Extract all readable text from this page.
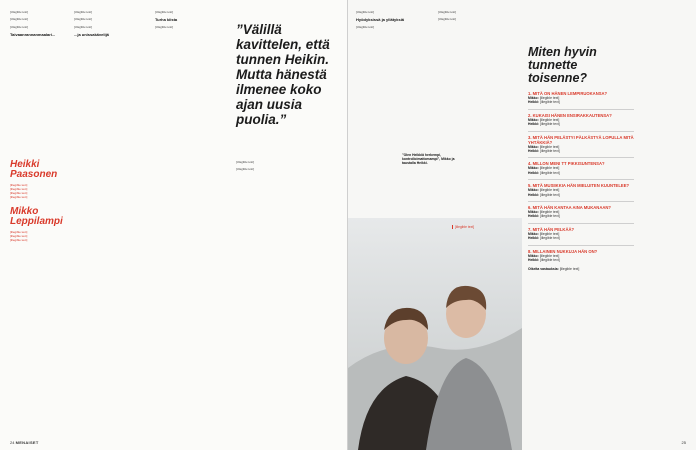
[illegible text]

[illegible text]

[illegible text]

Taivaanrannanmaalari...
Heikki
Paasonen
[illegible text]
[illegible text]
[illegible text]
[illegible text]
Mikko
Leppilampi
[illegible text]
[illegible text]
[illegible text]

[illegible text]

[illegible text]

[illegible text]

...ja unissakävelijä

[illegible text]

Turha kiista

[illegible text]	”Välillä kavittelen, että tunnen Heikin. Mutta hänestä ilmenee koko ajan uusia puolia.”

[illegible text]

[illegible text]

24 MENAISET

[illegible text]

Hyödyksissä ja yllätyksiä

[illegible text]

[illegible text]

[illegible text]

25
"Olen Heikkiä herkempi, kontrolloimattomampi", Mikko ja taustalla Heikki.
[illegible text]
Miten hyvin tunnette toisenne?
1. MITÄ ON HÄNEN LEMPIRUOKANSA?
Mikko: [illegible text]
Heikki: [illegible text]
2. KUKAISI HÄNEN ENSIRAKKAUTENSA?
Mikko: [illegible text]
Heikki: [illegible text]
3. MITÄ HÄN PELÄSTYI PÄLKÄSTYÄ LOPULLA MITÄ YHTÄKKIÄ?
Mikko: [illegible text]
Heikki: [illegible text]
4. MILLON MENI TT PIKKISUNTENSA?
Mikko: [illegible text]
Heikki: [illegible text]
5. MITÄ MUSIIKKIA HÄN MIELUITEN KUUNTELEE?
Mikko: [illegible text]
Heikki: [illegible text]
6. MITÄ HÄN KANTAA AINA MUKANAAN?
Mikko: [illegible text]
Heikki: [illegible text]
7. MITÄ HÄN PELKÄÄ?
Mikko: [illegible text]
Heikki: [illegible text]
8. MILLAINEN NUKKUJA HÄN ON?
Mikko: [illegible text]
Heikki: [illegible text]
Oikeita vastauksia: [illegible text]
